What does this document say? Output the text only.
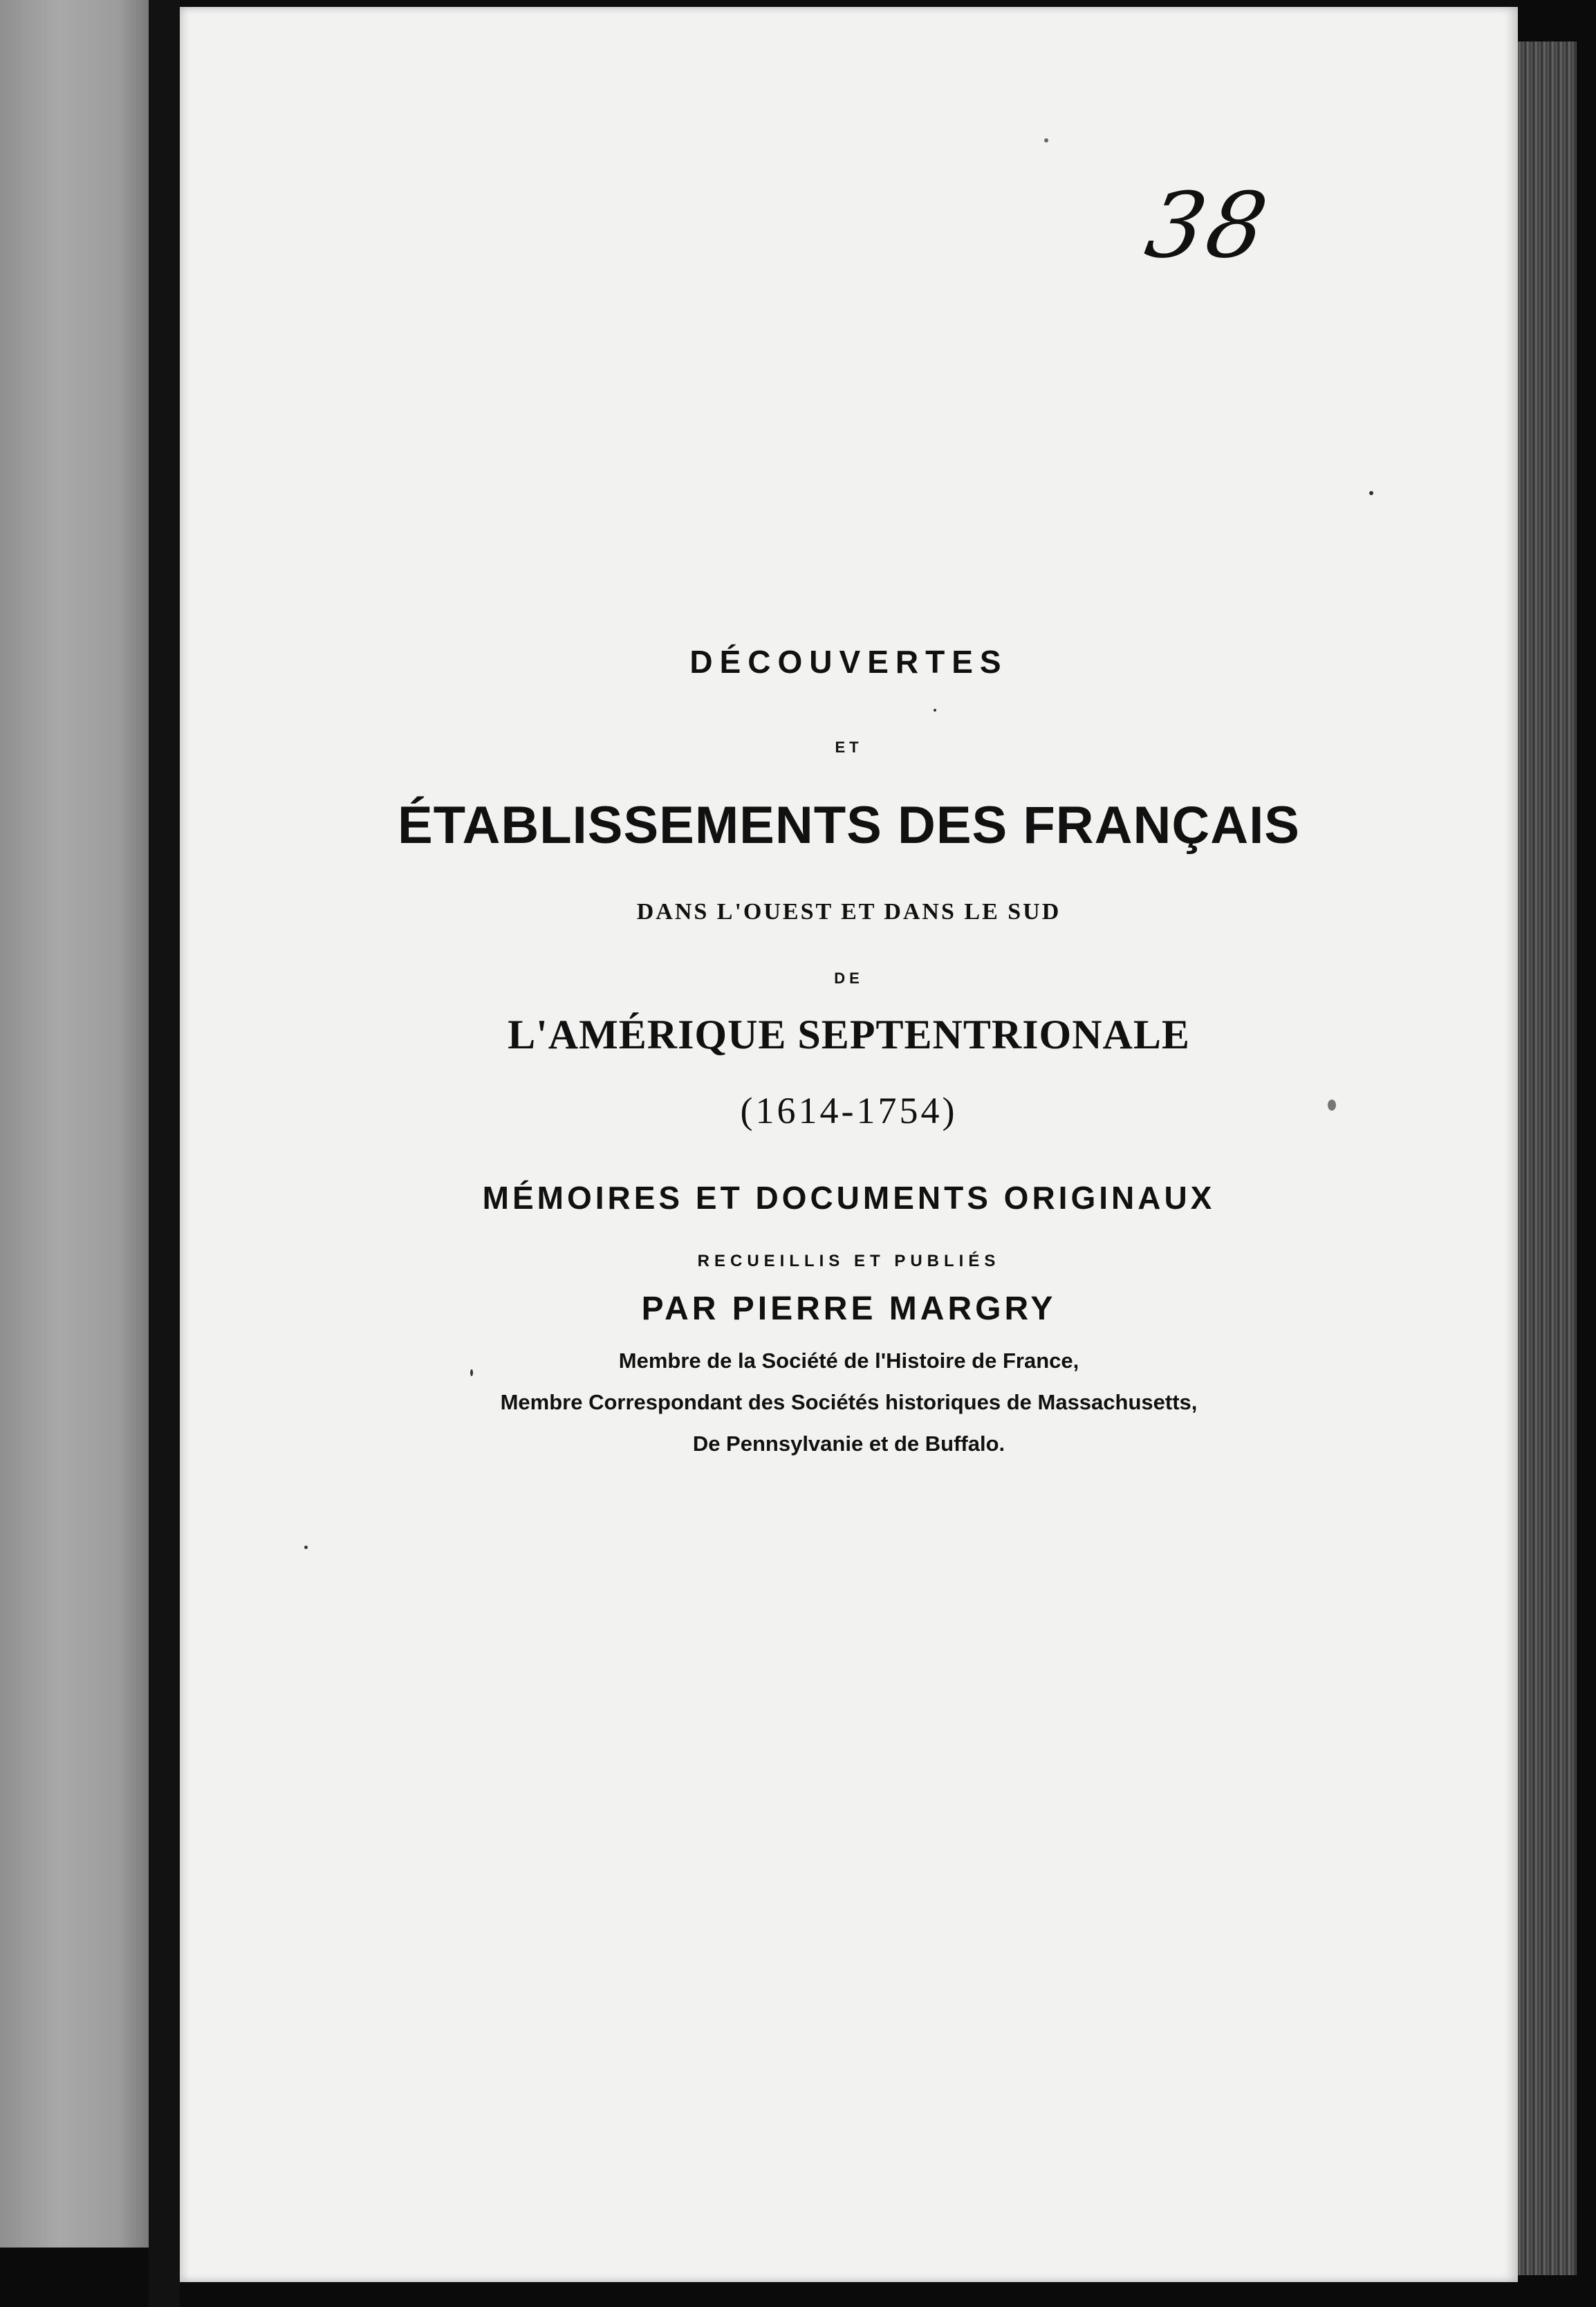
38
DÉCOUVERTES
ET
ÉTABLISSEMENTS DES FRANÇAIS
DANS L'OUEST ET DANS LE SUD
DE
L'AMÉRIQUE SEPTENTRIONALE
(1614-1754)
MÉMOIRES ET DOCUMENTS ORIGINAUX
RECUEILLIS ET PUBLIÉS
PAR PIERRE MARGRY
Membre de la Société de l'Histoire de France,
Membre Correspondant des Sociétés historiques de Massachusetts,
De Pennsylvanie et de Buffalo.
